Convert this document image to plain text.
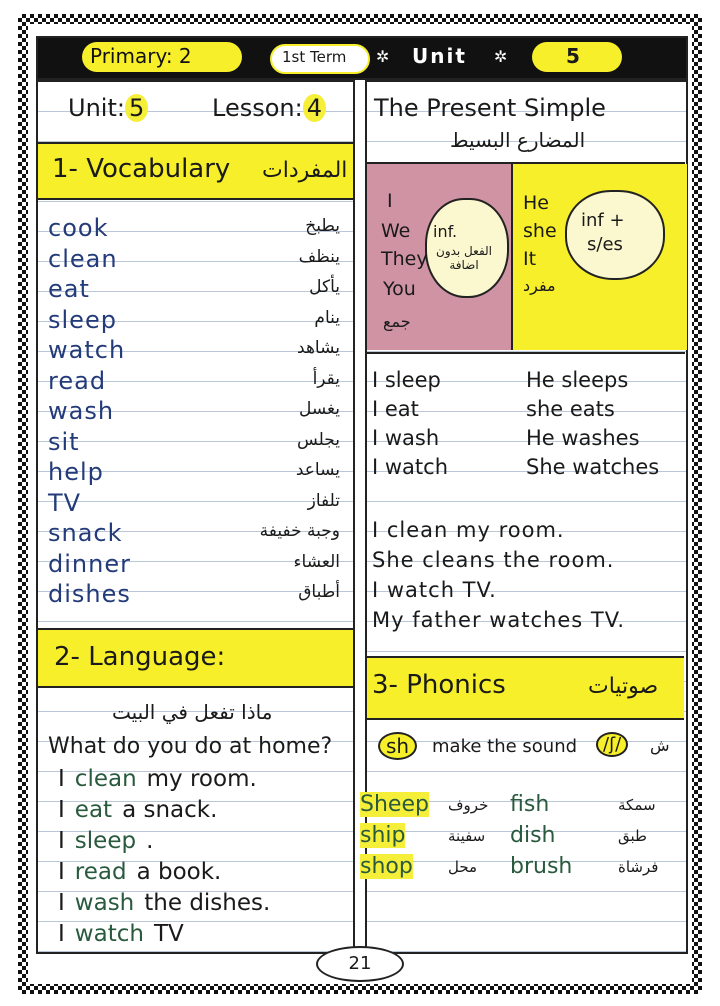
Primary: 2	1st Term ✲ Unit ✲	5
Unit: 5	Lesson: 4
1- Vocabulary المفردات
2- Language:
ماذا تفعل في البيت
What do you do at home?
The Present Simple
المضارع البسيط
inf.
الفعل بدون اضافة
inf +
s/es
جمع
مفرد
3- Phonics	صوتيات
sh	make the sound	/ʃ/	ش
21
cook	يطبخ
clean	ينظف
eat	يأكل
sleep	ينام
watch	يشاهد
read	يقرأ
wash	يغسل
sit	يجلس
help	يساعد
TV	تلفاز
snack	وجبة خفيفة
dinner	العشاء
dishes	أطباق
I clean my room.
I eat a snack.
I sleep .
I read a book.
I wash the dishes.
I watch TV
I
We
They
You
He
she
It
I sleep	He sleeps
I eat	she eats
I wash	He washes
I watch	She watches
I clean my room.
She cleans the room.
I watch TV.
My father watches TV.
Sheep خروف fish	سمكة
ship	سفينة dish	طبق
shop محل brush	فرشاة
